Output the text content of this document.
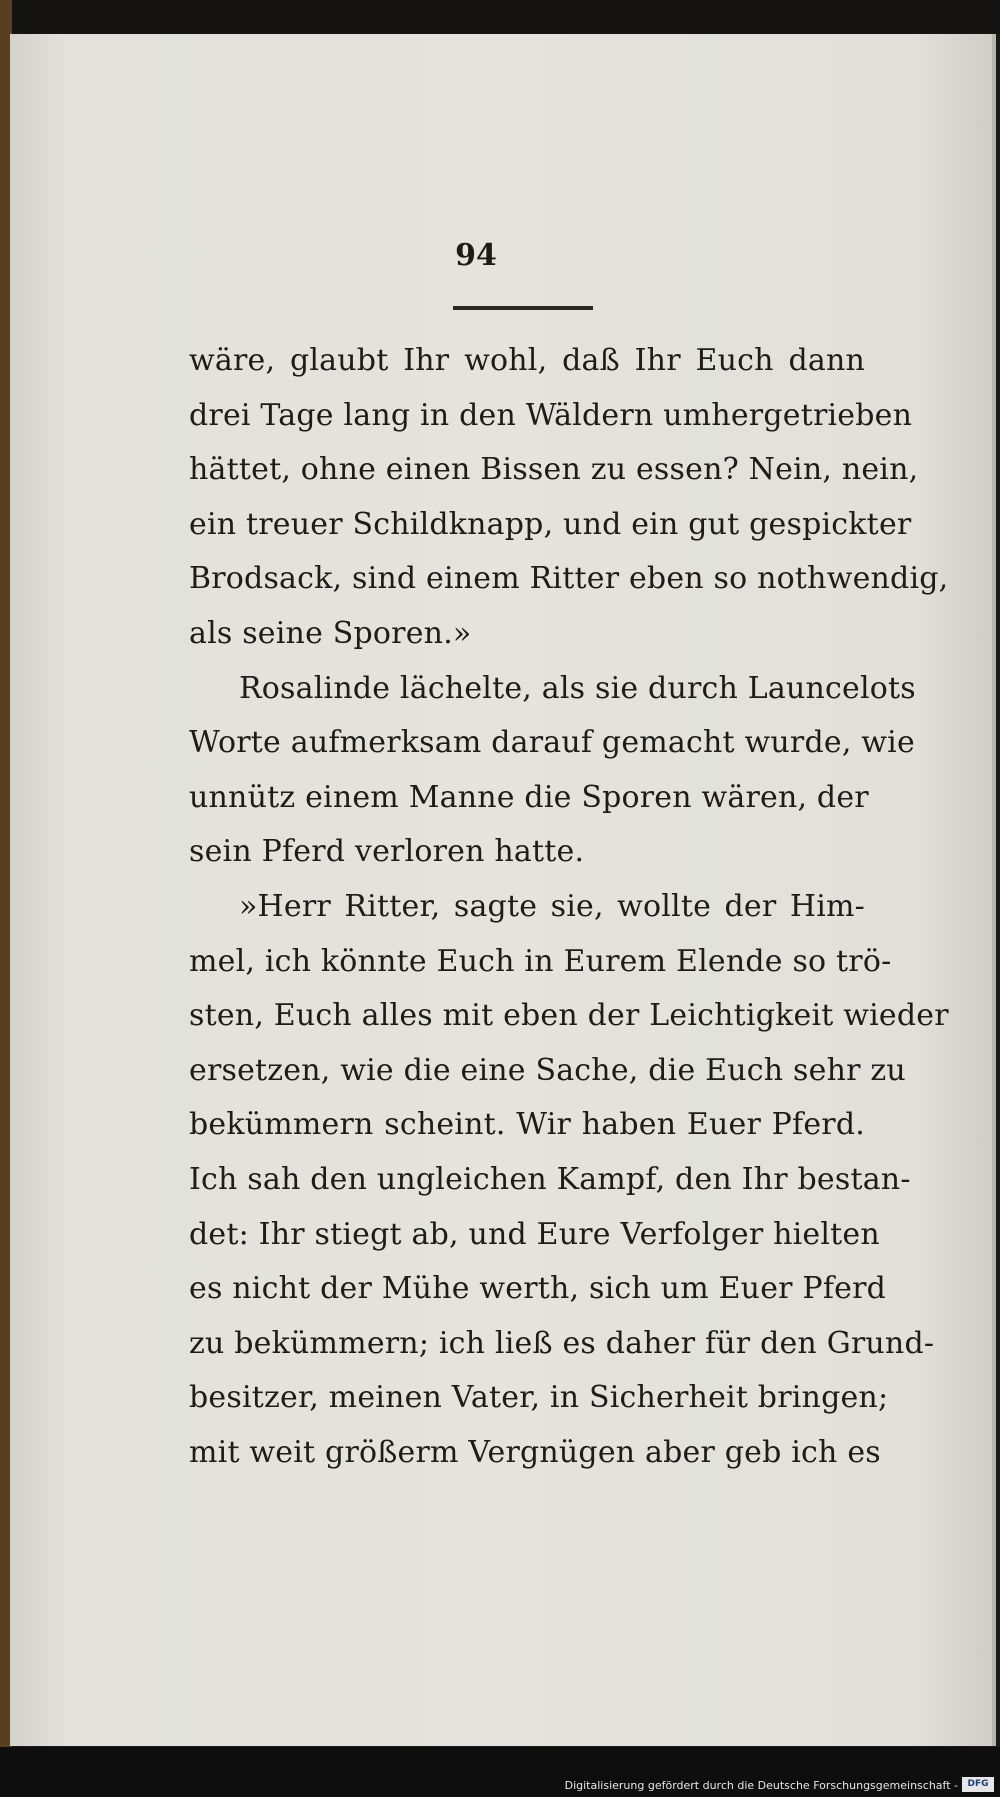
94
wäre, glaubt Ihr wohl, daß Ihr Euch dann
drei Tage lang in den Wäldern umhergetrieben
hättet, ohne einen Bissen zu essen? Nein, nein,
ein treuer Schildknapp, und ein gut gespickter
Brodsack, sind einem Ritter eben so nothwendig,
als seine Sporen.»
Rosalinde lächelte, als sie durch Launcelots
Worte aufmerksam darauf gemacht wurde, wie
unnütz einem Manne die Sporen wären, der
sein Pferd verloren hatte.
»Herr Ritter, sagte sie, wollte der Him-
mel, ich könnte Euch in Eurem Elende so trö-
sten, Euch alles mit eben der Leichtigkeit wieder
ersetzen, wie die eine Sache, die Euch sehr zu
bekümmern scheint. Wir haben Euer Pferd.
Ich sah den ungleichen Kampf, den Ihr bestan-
det: Ihr stiegt ab, und Eure Verfolger hielten
es nicht der Mühe werth, sich um Euer Pferd
zu bekümmern; ich ließ es daher für den Grund-
besitzer, meinen Vater, in Sicherheit bringen;
mit weit größerm Vergnügen aber geb ich es
Digitalisierung gefördert durch die Deutsche Forschungsgemeinschaft -	DFG
